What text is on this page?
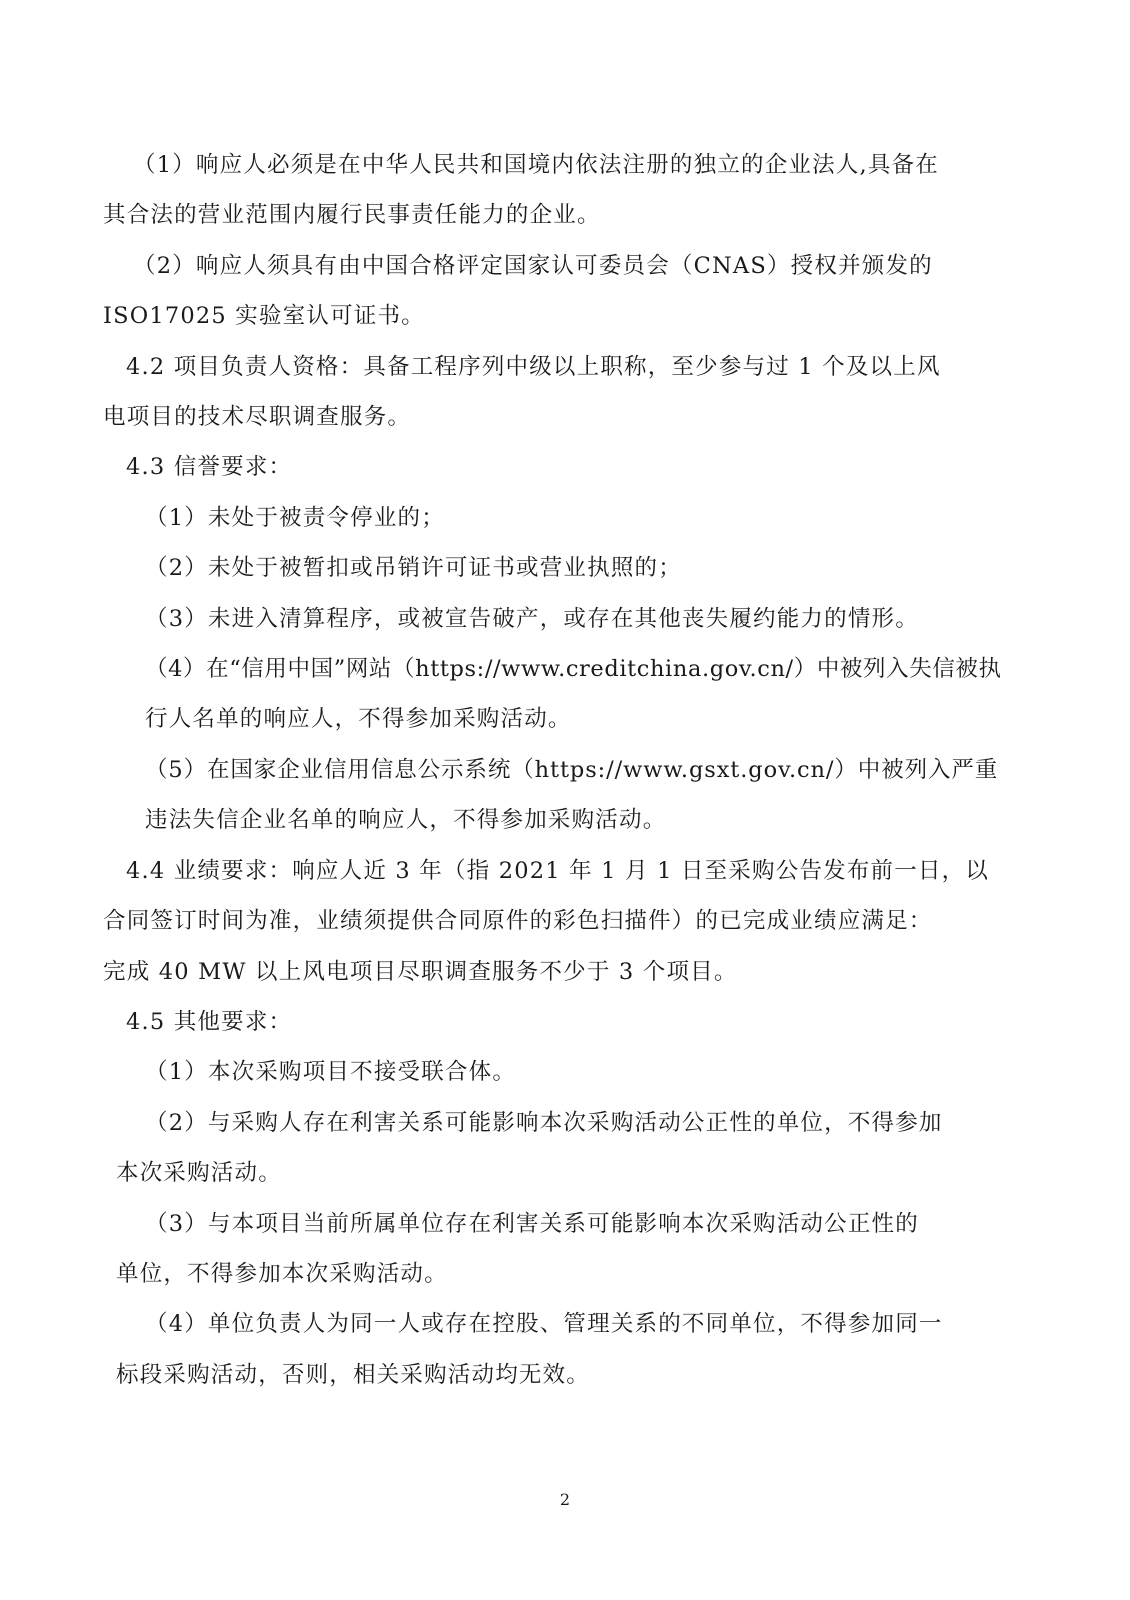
（1）响应人必须是在中华人民共和国境内依法注册的独立的企业法人,具备在
其合法的营业范围内履行民事责任能力的企业。
（2）响应人须具有由中国合格评定国家认可委员会（CNAS）授权并颁发的
ISO17025 实验室认可证书。
4.2 项目负责人资格：具备工程序列中级以上职称，至少参与过 1 个及以上风
电项目的技术尽职调查服务。
4.3 信誉要求：
（1）未处于被责令停业的；
（2）未处于被暂扣或吊销许可证书或营业执照的；
（3）未进入清算程序，或被宣告破产，或存在其他丧失履约能力的情形。
（4）在“信用中国”网站（https://www.creditchina.gov.cn/）中被列入失信被执
行人名单的响应人，不得参加采购活动。
（5）在国家企业信用信息公示系统（https://www.gsxt.gov.cn/）中被列入严重
违法失信企业名单的响应人，不得参加采购活动。
4.4 业绩要求：响应人近 3 年（指 2021 年 1 月 1 日至采购公告发布前一日，以
合同签订时间为准，业绩须提供合同原件的彩色扫描件）的已完成业绩应满足：
完成 40 MW 以上风电项目尽职调查服务不少于 3 个项目。
4.5 其他要求：
（1）本次采购项目不接受联合体。
（2）与采购人存在利害关系可能影响本次采购活动公正性的单位，不得参加
本次采购活动。
（3）与本项目当前所属单位存在利害关系可能影响本次采购活动公正性的
单位，不得参加本次采购活动。
（4）单位负责人为同一人或存在控股、管理关系的不同单位，不得参加同一
标段采购活动，否则，相关采购活动均无效。
2
